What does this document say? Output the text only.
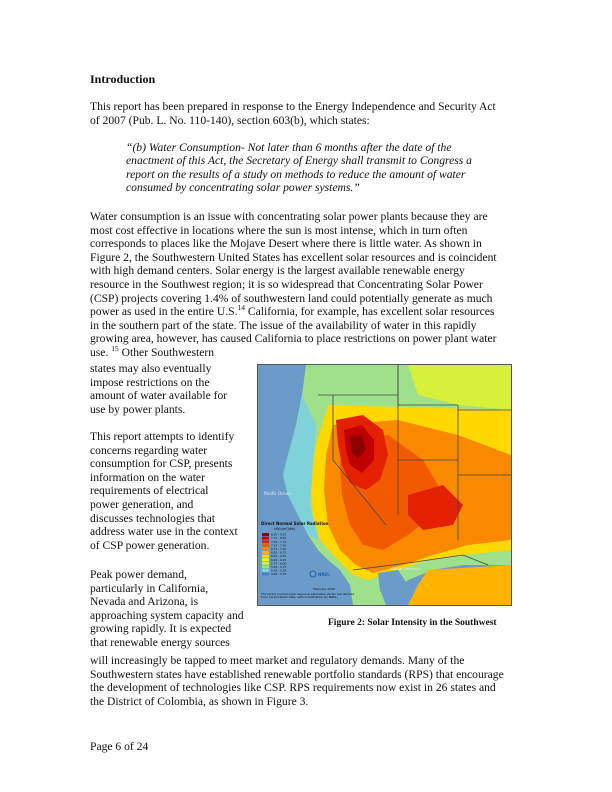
Introduction

This report has been prepared in response to the Energy Independence and Security Act
of 2007 (Pub. L. No. 110-140), section 603(b), which states:

“(b) Water Consumption- Not later than 6 months after the date of the
enactment of this Act, the Secretary of Energy shall transmit to Congress a
report on the results of a study on methods to reduce the amount of water
consumed by concentrating solar power systems.”

Water consumption is an issue with concentrating solar power plants because they are
most cost effective in locations where the sun is most intense, which in turn often
corresponds to places like the Mojave Desert where there is little water. As shown in
Figure 2, the Southwestern United States has excellent solar resources and is coincident
with high demand centers. Solar energy is the largest available renewable energy
resource in the Southwest region; it is so widespread that Concentrating Solar Power
(CSP) projects covering 1.4% of southwestern land could potentially generate as much
power as used in the entire U.S.$^{14}$ California, for example, has excellent solar resources
in the southern part of the state. The issue of the availability of water in this rapidly
growing area, however, has caused California to place restrictions on power plant water
use. $^{15}$ Other Southwestern

states may also eventually
impose restrictions on the
amount of water available for
use by power plants.

This report attempts to identify
concerns regarding water
consumption for CSP, presents
information on the water
requirements of electrical
power generation, and
discusses technologies that
address water use in the context
of CSP power generation.

Peak power demand,
particularly in California,
Nevada and Arizona, is
approaching system capacity and
growing rapidly. It is expected
that renewable energy sources

Pacific Ocean
Gulf of California
Direct Normal Solar Radiation
kWh/m²/day
8.50 - 9.25
7.75 - 8.50
7.00 - 7.75
7.25 - 7.50
6.75 - 7.00
6.50 - 6.75
6.25 - 6.50
6.00 - 6.25
5.75 - 6.00
5.50 - 5.75
5.25 - 5.50
0.00 - 5.25	NREL
February 2008
The direct normal solar resource estimates shown are derived from 10-km Perez data, with modification by NREL.

Figure 2: Solar Intensity in the Southwest

will increasingly be tapped to meet market and regulatory demands. Many of the
Southwestern states have established renewable portfolio standards (RPS) that encourage
the development of technologies like CSP. RPS requirements now exist in 26 states and
the District of Colombia, as shown in Figure 3.

Page 6 of 24
